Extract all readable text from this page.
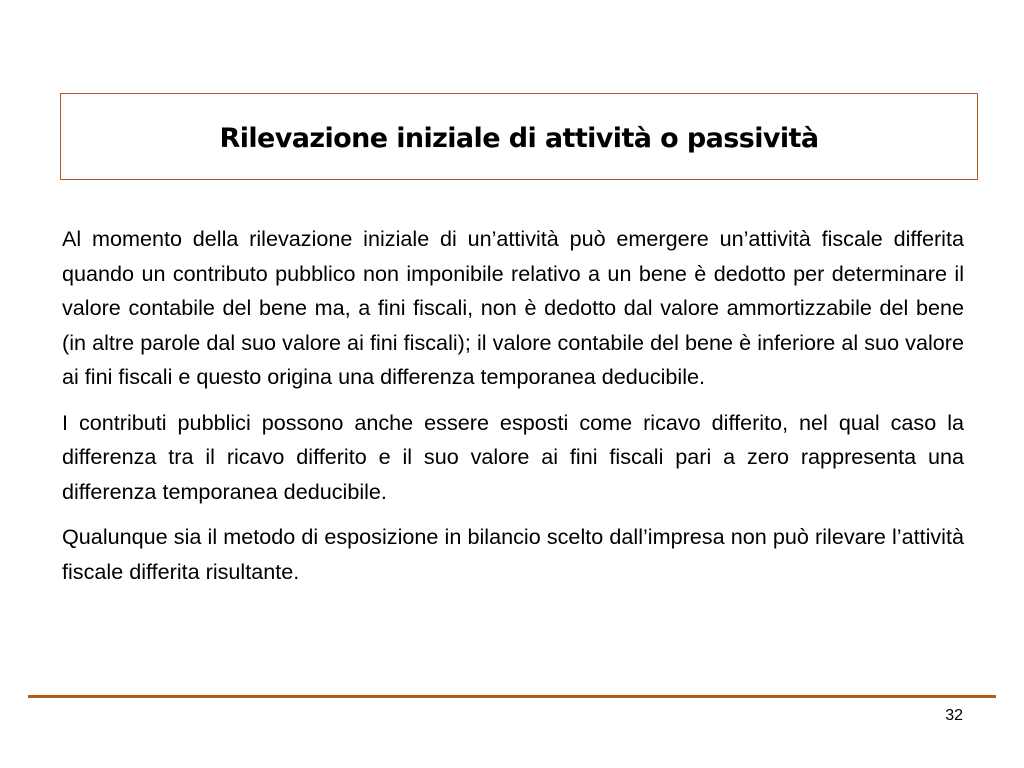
Rilevazione iniziale di attività o passività

Al momento della rilevazione iniziale di un’attività può emergere un’attività fiscale differita quando un contributo pubblico non imponibile relativo a un bene è dedotto per determinare il valore contabile del bene ma, a fini fiscali, non è dedotto dal valore ammortizzabile del bene (in altre parole dal suo valore ai fini fiscali); il valore contabile del bene è inferiore al suo valore ai fini fiscali e questo origina una differenza temporanea deducibile.

I contributi pubblici possono anche essere esposti come ricavo differito, nel qual caso la differenza tra il ricavo differito e il suo valore ai fini fiscali pari a zero rappresenta una differenza temporanea deducibile.

Qualunque sia il metodo di esposizione in bilancio scelto dall’impresa non può rilevare l’attività fiscale differita risultante.

32
